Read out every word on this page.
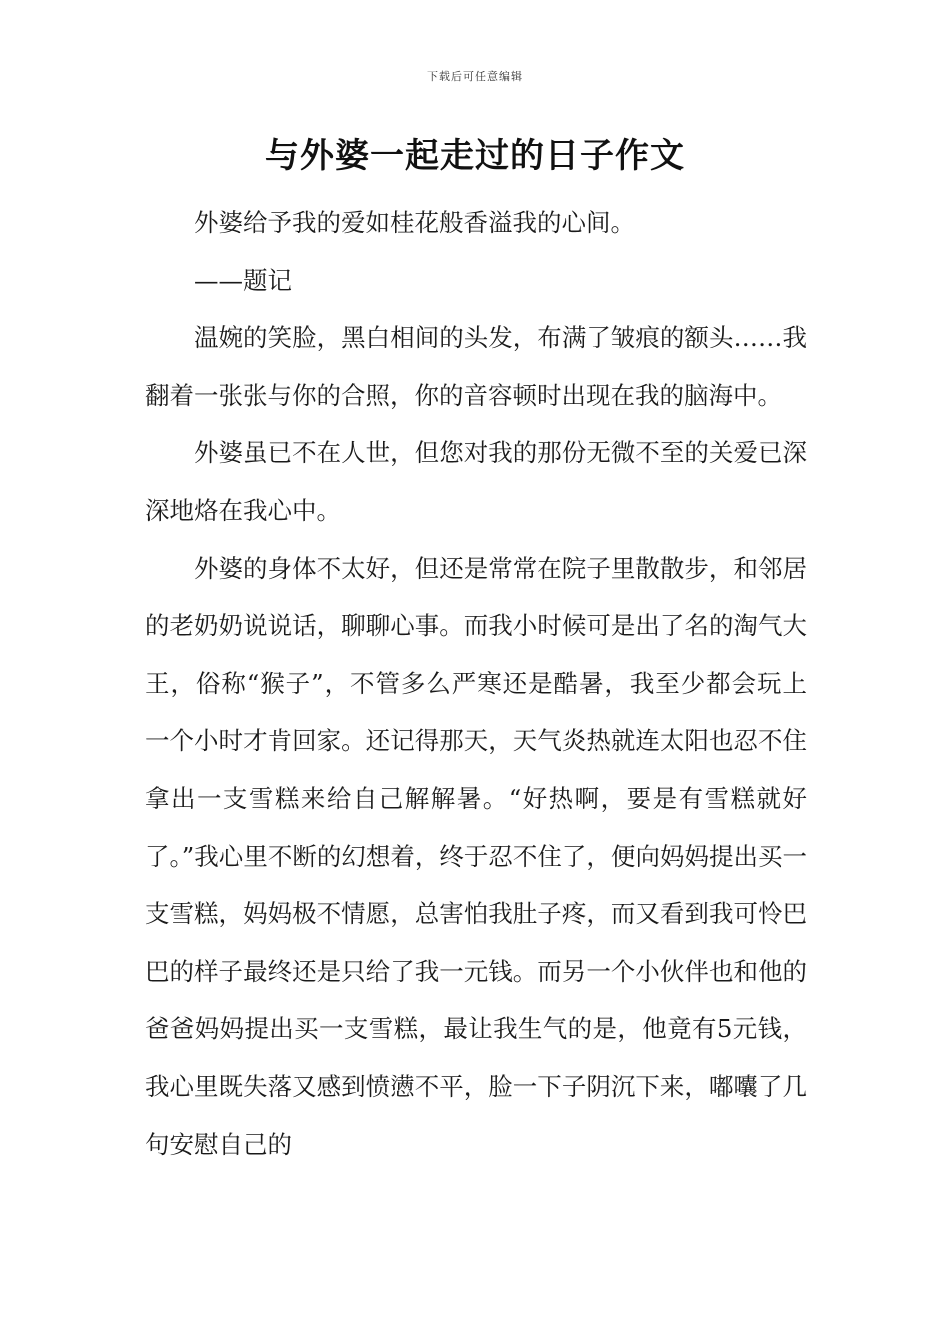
下载后可任意编辑
与外婆一起走过的日子作文

外婆给予我的爱如桂花般香溢我的心间。

——题记

温婉的笑脸，黑白相间的头发，布满了皱痕的额头……我翻着一张张与你的合照，你的音容顿时出现在我的脑海中。

外婆虽已不在人世，但您对我的那份无微不至的关爱已深深地烙在我心中。

外婆的身体不太好，但还是常常在院子里散散步，和邻居的老奶奶说说话，聊聊心事。而我小时候可是出了名的淘气大王，俗称“猴子”，不管多么严寒还是酷暑，我至少都会玩上一个小时才肯回家。还记得那天，天气炎热就连太阳也忍不住拿出一支雪糕来给自己解解暑。“好热啊，要是有雪糕就好了。”我心里不断的幻想着，终于忍不住了，便向妈妈提出买一支雪糕，妈妈极不情愿，总害怕我肚子疼，而又看到我可怜巴巴的样子最终还是只给了我一元钱。而另一个小伙伴也和他的爸爸妈妈提出买一支雪糕，最让我生气的是，他竟有5元钱，我心里既失落又感到愤懑不平，脸一下子阴沉下来，嘟囔了几句安慰自己的
